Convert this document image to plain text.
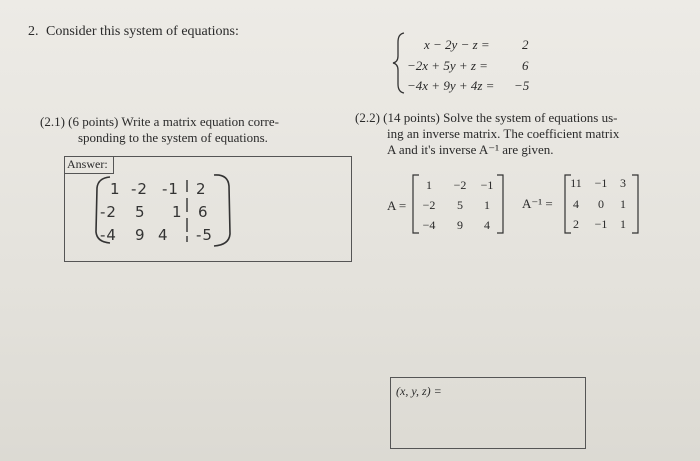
2. Consider this system of equations:
x − 2y − z = 2
−2x + 5y + z =	6
−4x + 9y + 4z = −5
(2.1) (6 points) Write a matrix equation corre-
sponding to the system of equations.
(2.2) (14 points) Solve the system of equations us-
ing an inverse matrix. The coefficient matrix
A and it's inverse A⁻¹ are given.
Answer:
1 -2 -1 2
-2 5 1 6
-4 9 4 -5
A =
1	−2 −1
−2	5	1
−4	9	4
A⁻¹ =
11 −1	3
4	0	1
2	−1	1
(x, y, z) =
